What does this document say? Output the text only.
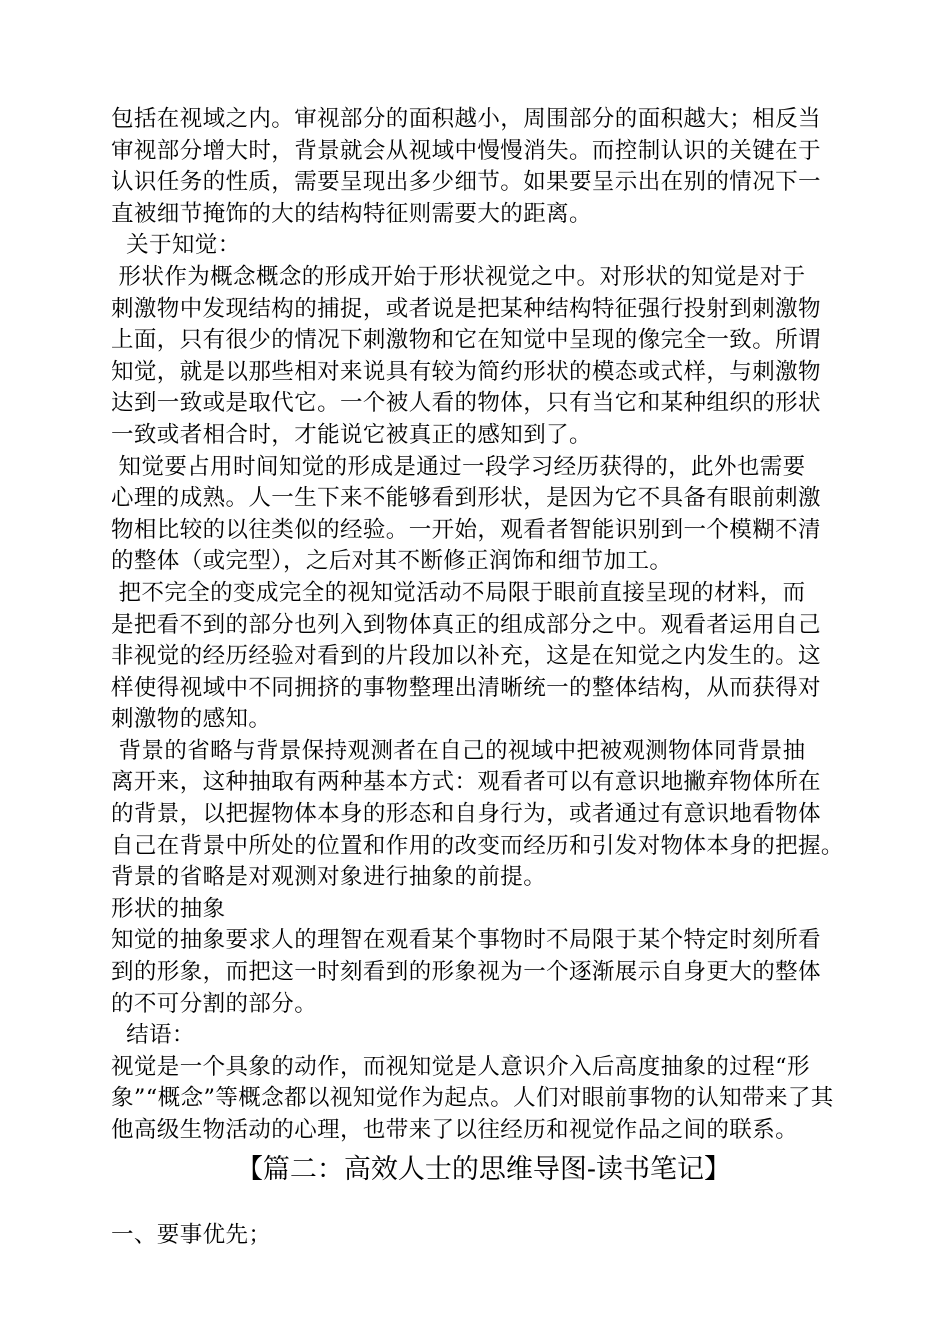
包括在视域之内。审视部分的面积越小，周围部分的面积越大；相反当
审视部分增大时，背景就会从视域中慢慢消失。而控制认识的关键在于
认识任务的性质，需要呈现出多少细节。如果要呈示出在别的情况下一
直被细节掩饰的大的结构特征则需要大的距离。
关于知觉：
形状作为概念概念的形成开始于形状视觉之中。对形状的知觉是对于
刺激物中发现结构的捕捉，或者说是把某种结构特征强行投射到刺激物
上面，只有很少的情况下刺激物和它在知觉中呈现的像完全一致。所谓
知觉，就是以那些相对来说具有较为简约形状的模态或式样，与刺激物
达到一致或是取代它。一个被人看的物体，只有当它和某种组织的形状
一致或者相合时，才能说它被真正的感知到了。
知觉要占用时间知觉的形成是通过一段学习经历获得的，此外也需要
心理的成熟。人一生下来不能够看到形状，是因为它不具备有眼前刺激
物相比较的以往类似的经验。一开始，观看者智能识别到一个模糊不清
的整体（或完型），之后对其不断修正润饰和细节加工。
把不完全的变成完全的视知觉活动不局限于眼前直接呈现的材料，而
是把看不到的部分也列入到物体真正的组成部分之中。观看者运用自己
非视觉的经历经验对看到的片段加以补充，这是在知觉之内发生的。这
样使得视域中不同拥挤的事物整理出清晰统一的整体结构，从而获得对
刺激物的感知。
背景的省略与背景保持观测者在自己的视域中把被观测物体同背景抽
离开来，这种抽取有两种基本方式：观看者可以有意识地撇弃物体所在
的背景，以把握物体本身的形态和自身行为，或者通过有意识地看物体
自己在背景中所处的位置和作用的改变而经历和引发对物体本身的把握。
背景的省略是对观测对象进行抽象的前提。
形状的抽象
知觉的抽象要求人的理智在观看某个事物时不局限于某个特定时刻所看
到的形象，而把这一时刻看到的形象视为一个逐渐展示自身更大的整体
的不可分割的部分。
结语：
视觉是一个具象的动作，而视知觉是人意识介入后高度抽象的过程“形
象”“概念”等概念都以视知觉作为起点。人们对眼前事物的认知带来了其
他高级生物活动的心理，也带来了以往经历和视觉作品之间的联系。
【篇二：高效人士的思维导图-读书笔记】
一、要事优先；
